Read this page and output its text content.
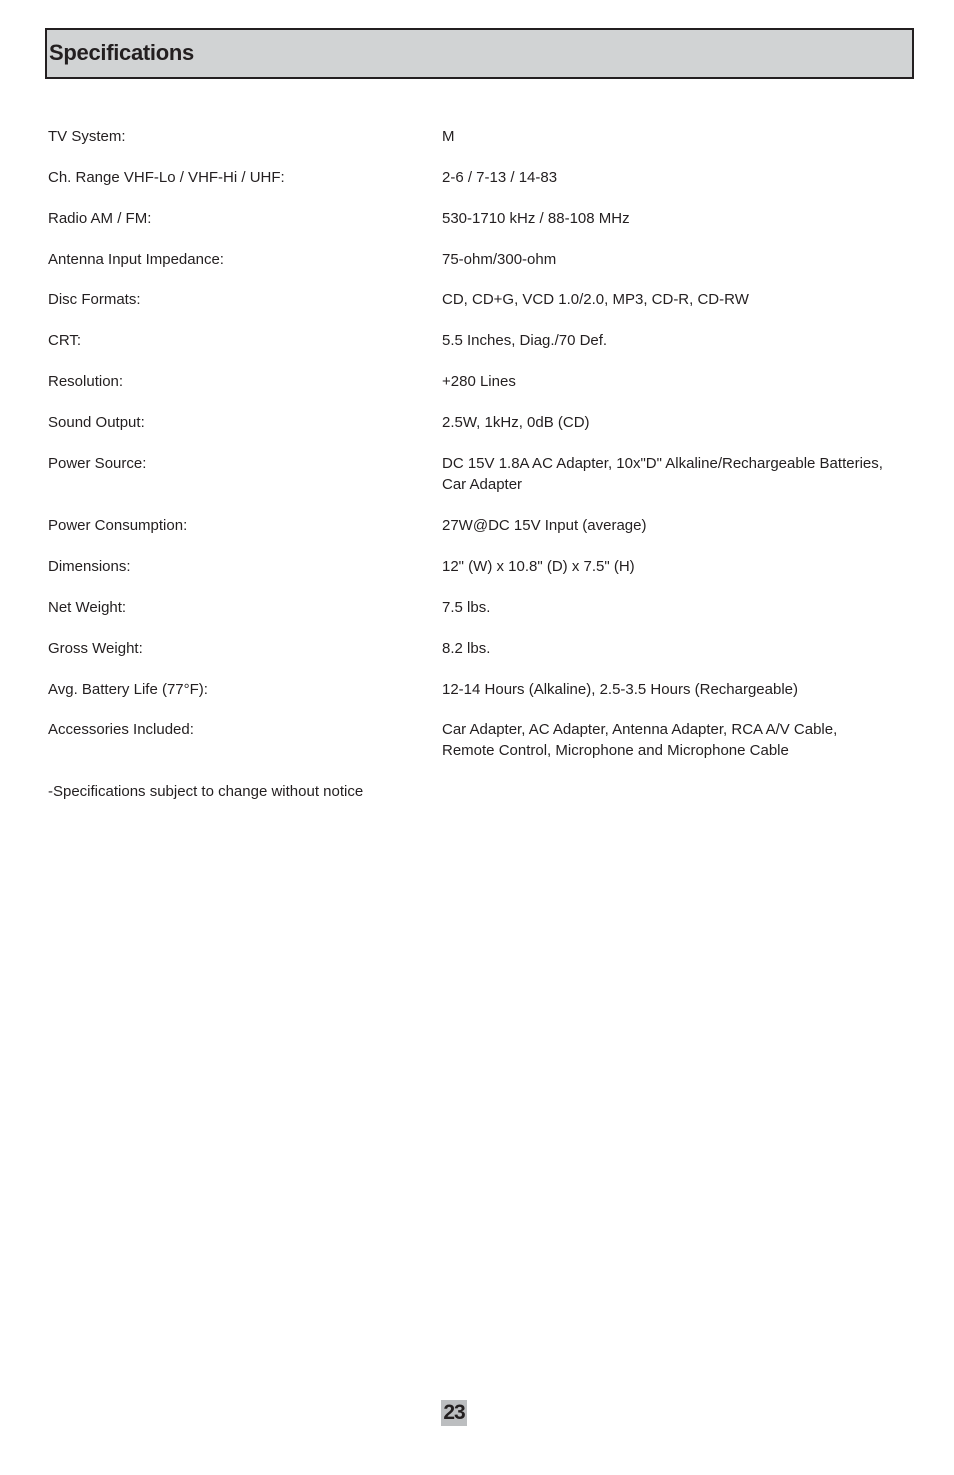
Specifications
TV System:	M
Ch. Range VHF-Lo / VHF-Hi / UHF:	2-6 / 7-13 / 14-83
Radio AM / FM:	530-1710 kHz / 88-108 MHz
Antenna Input Impedance:	75-ohm/300-ohm
Disc Formats:	CD, CD+G, VCD 1.0/2.0, MP3, CD-R, CD-RW
CRT:	5.5 Inches, Diag./70 Def.
Resolution:	+280 Lines
Sound Output:	2.5W, 1kHz, 0dB (CD)
Power Source:	DC 15V 1.8A AC Adapter, 10x"D" Alkaline/Rechargeable Batteries,
Car Adapter
Power Consumption:	27W@DC 15V Input (average)
Dimensions:	12" (W) x 10.8" (D) x 7.5" (H)
Net Weight:	7.5 lbs.
Gross Weight:	8.2 lbs.
Avg. Battery Life (77°F):	12-14 Hours (Alkaline), 2.5-3.5 Hours (Rechargeable)
Accessories Included:	Car Adapter, AC Adapter, Antenna Adapter, RCA A/V Cable,
Remote Control, Microphone and Microphone Cable
-Specifications subject to change without notice
23
